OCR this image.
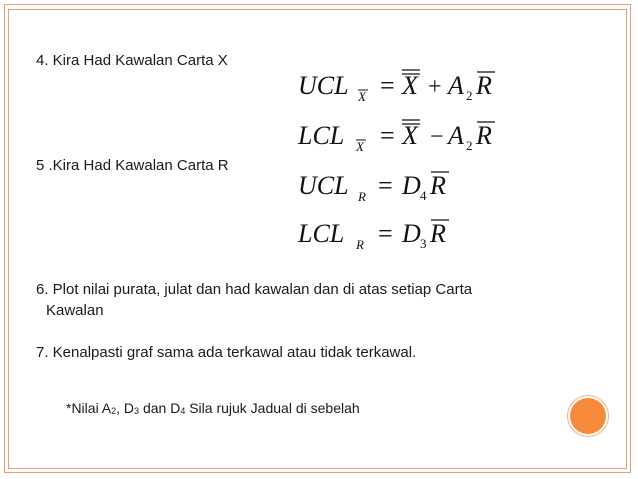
4. Kira Had Kawalan Carta X
5 .Kira Had Kawalan Carta R
6. Plot nilai purata, julat dan had kawalan dan di atas setiap Carta
Kawalan
7. Kenalpasti graf sama ada terkawal atau tidak terkawal.
*Nilai $A_2$, $D_3$ dan $D_4$ Sila rujuk Jadual di sebelah
UCL X = X + A 2 R
LCL X = X − A 2 R
UCL R = D 4 R
LCL R = D 3 R
